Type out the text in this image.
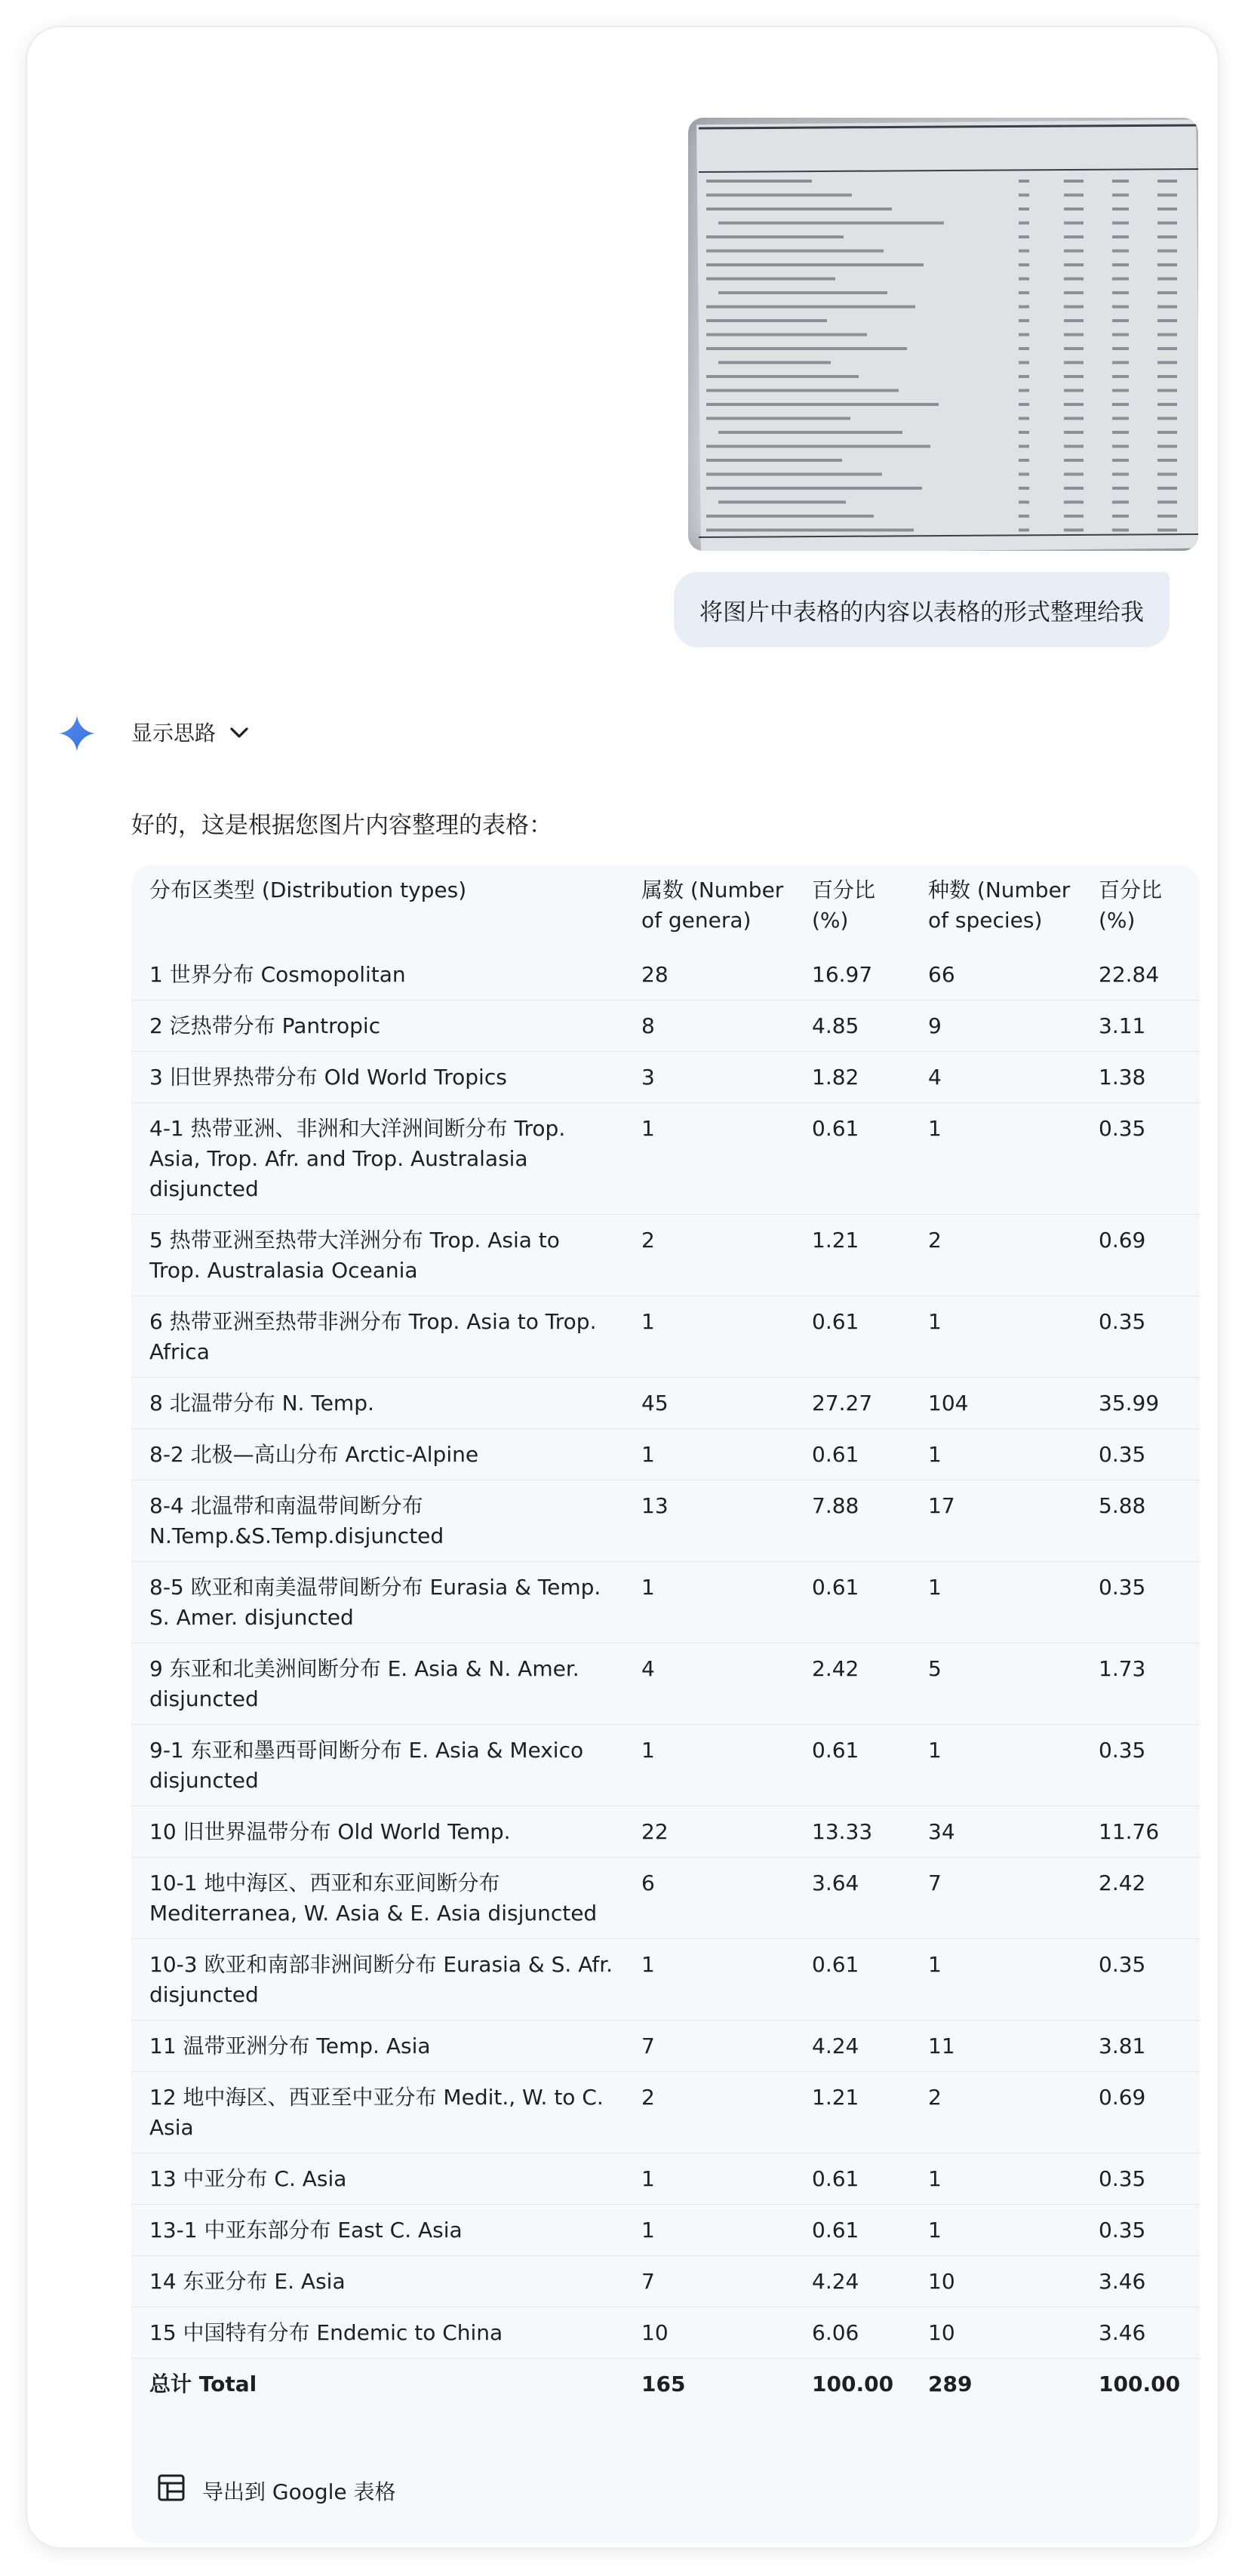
将图片中表格的内容以表格的形式整理给我
显示思路
好的，这是根据您图片内容整理的表格：
分布区类型 (Distribution types)	属数 (Number of genera)	百分比 (%)	种数 (Number of species)	百分比 (%)
1 世界分布 Cosmopolitan	28	16.97	66	22.84
2 泛热带分布 Pantropic	8	4.85	9	3.11
3 旧世界热带分布 Old World Tropics	3	1.82	4	1.38
4-1 热带亚洲、非洲和大洋洲间断分布 Trop. Asia, Trop. Afr. and Trop. Australasia disjuncted	1	0.61	1	0.35
5 热带亚洲至热带大洋洲分布 Trop. Asia to Trop. Australasia Oceania	2	1.21	2	0.69
6 热带亚洲至热带非洲分布 Trop. Asia to Trop. Africa	1	0.61	1	0.35
8 北温带分布 N. Temp.	45	27.27	104	35.99
8-2 北极—高山分布 Arctic-Alpine	1	0.61	1	0.35
8-4 北温带和南温带间断分布 N.Temp.&S.Temp.disjuncted	13	7.88	17	5.88
8-5 欧亚和南美温带间断分布 Eurasia & Temp. S. Amer. disjuncted	1	0.61	1	0.35
9 东亚和北美洲间断分布 E. Asia & N. Amer. disjuncted	4	2.42	5	1.73
9-1 东亚和墨西哥间断分布 E. Asia & Mexico disjuncted	1	0.61	1	0.35
10 旧世界温带分布 Old World Temp.	22	13.33	34	11.76
10-1 地中海区、西亚和东亚间断分布 Mediterranea, W. Asia & E. Asia disjuncted	6	3.64	7	2.42
10-3 欧亚和南部非洲间断分布 Eurasia & S. Afr. disjuncted	1	0.61	1	0.35
11 温带亚洲分布 Temp. Asia	7	4.24	11	3.81
12 地中海区、西亚至中亚分布 Medit., W. to C. Asia	2	1.21	2	0.69
13 中亚分布 C. Asia	1	0.61	1	0.35
13-1 中亚东部分布 East C. Asia	1	0.61	1	0.35
14 东亚分布 E. Asia	7	4.24	10	3.46
15 中国特有分布 Endemic to China	10	6.06	10	3.46
总计 Total	165	100.00	289	100.00
导出到 Google 表格
